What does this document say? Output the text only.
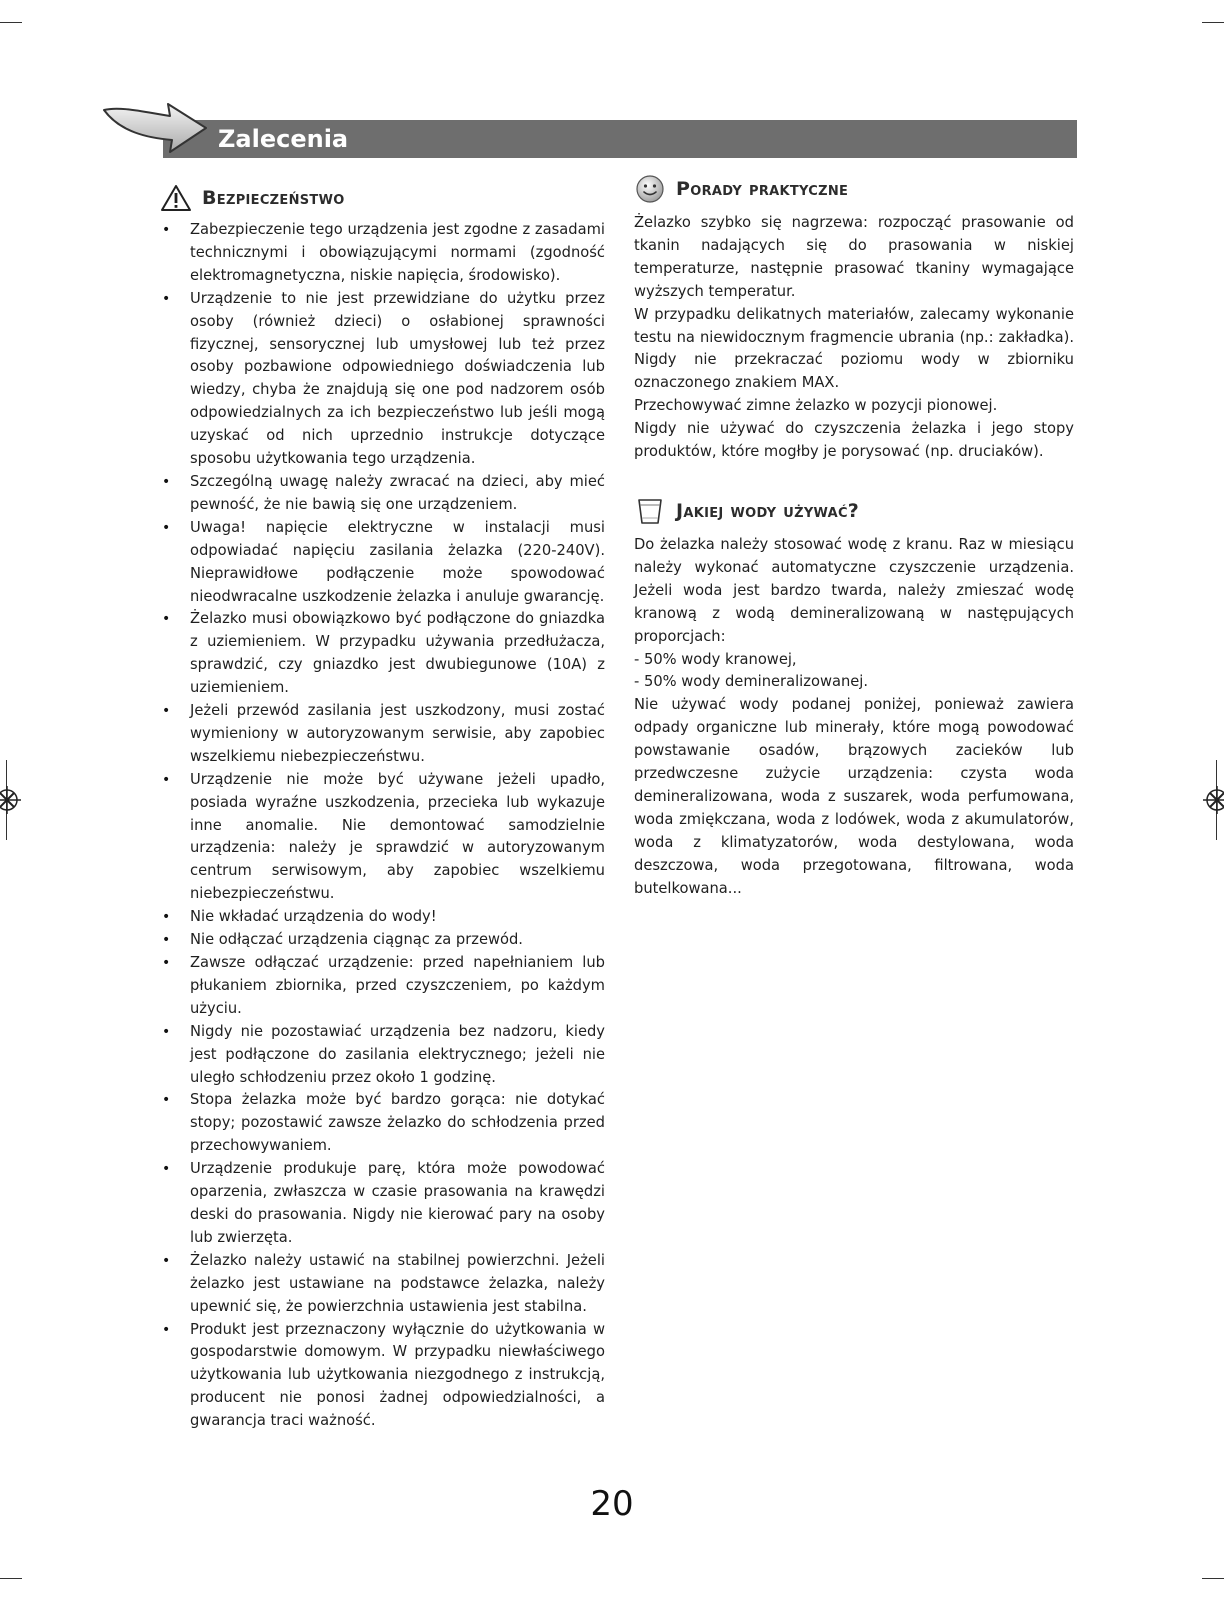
Zalecenia
Bezpieczeństwo
• Zabezpieczenie tego urządzenia jest zgodne z zasadami technicznymi i obowiązującymi normami (zgodność elektromagnetyczna, niskie napięcia, środowisko).
• Urządzenie to nie jest przewidziane do użytku przez osoby (również dzieci) o osłabionej sprawności fizycznej, sensorycznej lub umysłowej lub też przez osoby pozbawione odpowiedniego doświadczenia lub wiedzy, chyba że znajdują się one pod nadzorem osób odpowiedzialnych za ich bezpieczeństwo lub jeśli mogą uzyskać od nich uprzednio instrukcje dotyczące sposobu użytkowania tego urządzenia.
• Szczególną uwagę należy zwracać na dzieci, aby mieć pewność, że nie bawią się one urządzeniem.
• Uwaga! napięcie elektryczne w instalacji musi odpowiadać napięciu zasilania żelazka (220-240V). Nieprawidłowe podłączenie może spowodować nieodwracalne uszkodzenie żelazka i anuluje gwarancję.
• Żelazko musi obowiązkowo być podłączone do gniazdka z uziemieniem. W przypadku używania przedłużacza, sprawdzić, czy gniazdko jest dwubiegunowe (10A) z uziemieniem.
• Jeżeli przewód zasilania jest uszkodzony, musi zostać wymieniony w autoryzowanym serwisie, aby zapobiec wszelkiemu niebezpieczeństwu.
• Urządzenie nie może być używane jeżeli upadło, posiada wyraźne uszkodzenia, przecieka lub wykazuje inne anomalie. Nie demontować samodzielnie urządzenia: należy je sprawdzić w autoryzowanym centrum serwisowym, aby zapobiec wszelkiemu niebezpieczeństwu.
• Nie wkładać urządzenia do wody!
• Nie odłączać urządzenia ciągnąc za przewód.
• Zawsze odłączać urządzenie: przed napełnianiem lub płukaniem zbiornika, przed czyszczeniem, po każdym użyciu.
• Nigdy nie pozostawiać urządzenia bez nadzoru, kiedy jest podłączone do zasilania elektrycznego; jeżeli nie uległo schłodzeniu przez około 1 godzinę.
• Stopa żelazka może być bardzo gorąca: nie dotykać stopy; pozostawić zawsze żelazko do schłodzenia przed przechowywaniem.
• Urządzenie produkuje parę, która może powodować oparzenia, zwłaszcza w czasie prasowania na krawędzi deski do prasowania. Nigdy nie kierować pary na osoby lub zwierzęta.
• Żelazko należy ustawić na stabilnej powierzchni. Jeżeli żelazko jest ustawiane na podstawce żelazka, należy upewnić się, że powierzchnia ustawienia jest stabilna.
• Produkt jest przeznaczony wyłącznie do użytkowania w gospodarstwie domowym. W przypadku niewłaściwego użytkowania lub użytkowania niezgodnego z instrukcją, producent nie ponosi żadnej odpowiedzialności, a gwarancja traci ważność.
Porady praktyczne

Żelazko szybko się nagrzewa: rozpocząć prasowanie od tkanin nadających się do prasowania w niskiej temperaturze, następnie prasować tkaniny wymagające wyższych temperatur.

W przypadku delikatnych materiałów, zalecamy wykonanie testu na niewidocznym fragmencie ubrania (np.: zakładka). Nigdy nie przekraczać poziomu wody w zbiorniku oznaczonego znakiem MAX.

Przechowywać zimne żelazko w pozycji pionowej.

Nigdy nie używać do czyszczenia żelazka i jego stopy produktów, które mogłby je porysować (np. druciaków).

Jakiej wody używać?

Do żelazka należy stosować wodę z kranu. Raz w miesiącu należy wykonać automatyczne czyszczenie urządzenia. Jeżeli woda jest bardzo twarda, należy zmieszać wodę kranową z wodą demineralizowaną w następujących proporcjach:

- 50% wody kranowej,

- 50% wody demineralizowanej.

Nie używać wody podanej poniżej, ponieważ zawiera odpady organiczne lub minerały, które mogą powodować powstawanie osadów, brązowych zacieków lub przedwczesne zużycie urządzenia: czysta woda demineralizowana, woda z suszarek, woda perfumowana, woda zmiękczana, woda z lodówek, woda z akumulatorów, woda z klimatyzatorów, woda destylowana, woda deszczowa, woda przegotowana, filtrowana, woda butelkowana...

20
